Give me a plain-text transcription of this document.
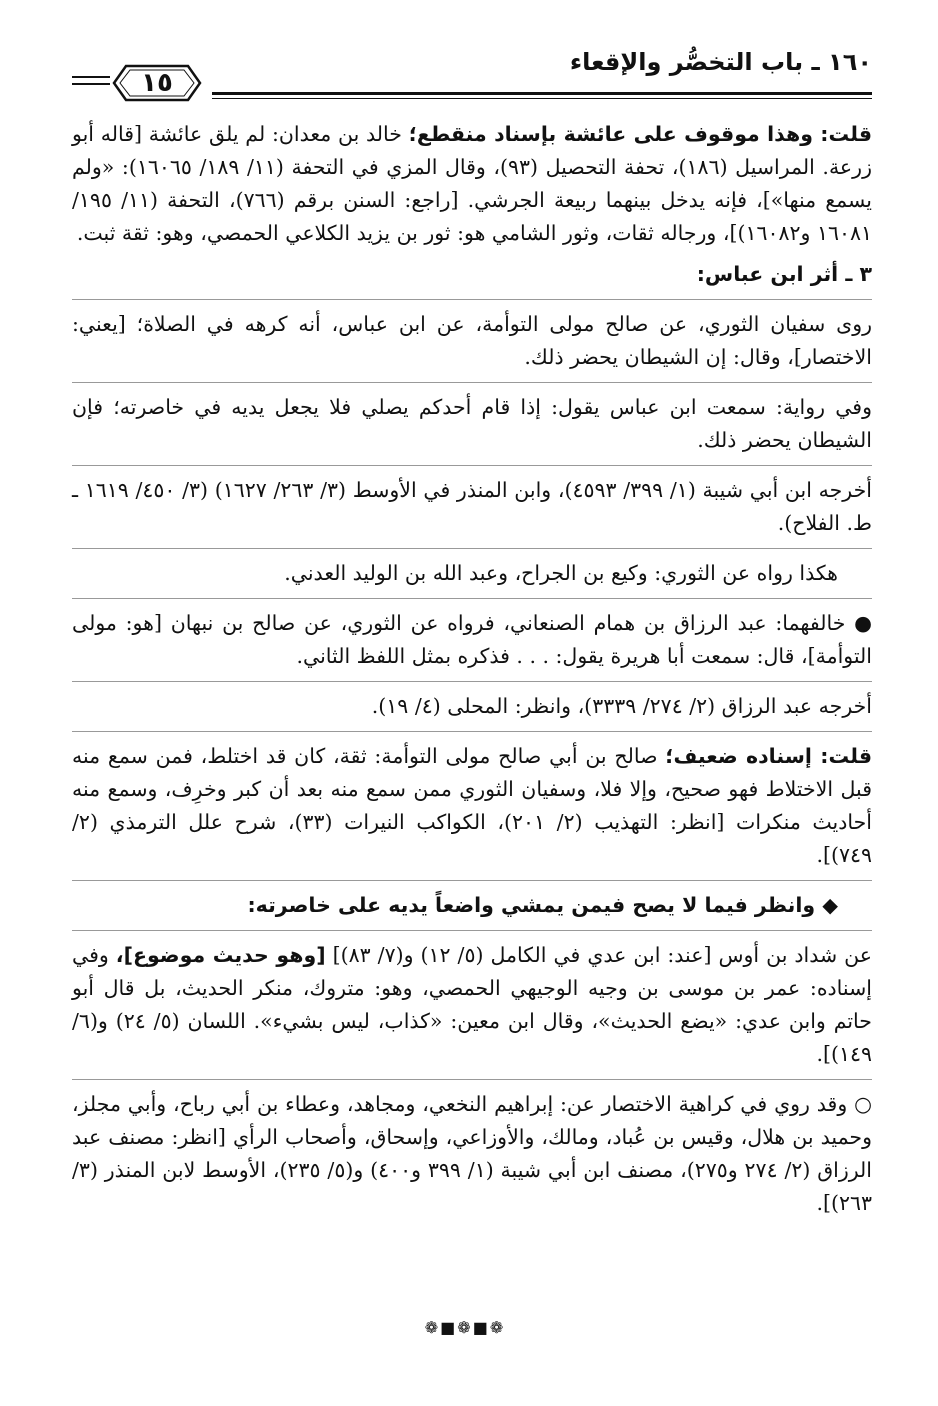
١٦٠ ـ باب التخصُّر والإقعاء
١٥

قلت: وهذا موقوف على عائشة بإسناد منقطع؛ خالد بن معدان: لم يلق عائشة [قاله أبو زرعة. المراسيل (١٨٦)، تحفة التحصيل (٩٣)، وقال المزي في التحفة (١١/ ١٨٩/ ١٦٠٦٥): «ولم يسمع منها»]، فإنه يدخل بينهما ربيعة الجرشي. [راجع: السنن برقم (٧٦٦)، التحفة (١١/ ١٩٥/ ١٦٠٨١ و١٦٠٨٢)]، ورجاله ثقات، وثور الشامي هو: ثور بن يزيد الكلاعي الحمصي، وهو: ثقة ثبت.

٣ ـ أثر ابن عباس:

روى سفيان الثوري، عن صالح مولى التوأمة، عن ابن عباس، أنه كرهه في الصلاة؛ [يعني: الاختصار]، وقال: إن الشيطان يحضر ذلك.

وفي رواية: سمعت ابن عباس يقول: إذا قام أحدكم يصلي فلا يجعل يديه في خاصرته؛ فإن الشيطان يحضر ذلك.

أخرجه ابن أبي شيبة (١/ ٣٩٩/ ٤٥٩٣)، وابن المنذر في الأوسط (٣/ ٢٦٣/ ١٦٢٧) (٣/ ٤٥٠/ ١٦١٩ ـ ط. الفلاح).

هكذا رواه عن الثوري: وكيع بن الجراح، وعبد الله بن الوليد العدني.

● خالفهما: عبد الرزاق بن همام الصنعاني، فرواه عن الثوري، عن صالح بن نبهان [هو: مولى التوأمة]، قال: سمعت أبا هريرة يقول: . . . فذكره بمثل اللفظ الثاني.

أخرجه عبد الرزاق (٢/ ٢٧٤/ ٣٣٣٩)، وانظر: المحلى (٤/ ١٩).

قلت: إسناده ضعيف؛ صالح بن أبي صالح مولى التوأمة: ثقة، كان قد اختلط، فمن سمع منه قبل الاختلاط فهو صحيح، وإلا فلا، وسفيان الثوري ممن سمع منه بعد أن كبر وخرِف، وسمع منه أحاديث منكرات [انظر: التهذيب (٢/ ٢٠١)، الكواكب النيرات (٣٣)، شرح علل الترمذي (٢/ ٧٤٩)].

◆ وانظر فيما لا يصح فيمن يمشي واضعاً يديه على خاصرته:

عن شداد بن أوس [عند: ابن عدي في الكامل (٥/ ١٢) و(٧/ ٨٣)] [وهو حديث موضوع]، وفي إسناده: عمر بن موسى بن وجيه الوجيهي الحمصي، وهو: متروك، منكر الحديث، بل قال أبو حاتم وابن عدي: «يضع الحديث»، وقال ابن معين: «كذاب، ليس بشيء». اللسان (٥/ ٢٤) و(٦/ ١٤٩)].

○ وقد روي في كراهية الاختصار عن: إبراهيم النخعي، ومجاهد، وعطاء بن أبي رباح، وأبي مجلز، وحميد بن هلال، وقيس بن عُباد، ومالك، والأوزاعي، وإسحاق، وأصحاب الرأي [انظر: مصنف عبد الرزاق (٢/ ٢٧٤ و٢٧٥)، مصنف ابن أبي شيبة (١/ ٣٩٩ و٤٠٠) و(٥/ ٢٣٥)، الأوسط لابن المنذر (٣/ ٢٦٣)].

❁■❁■❁
